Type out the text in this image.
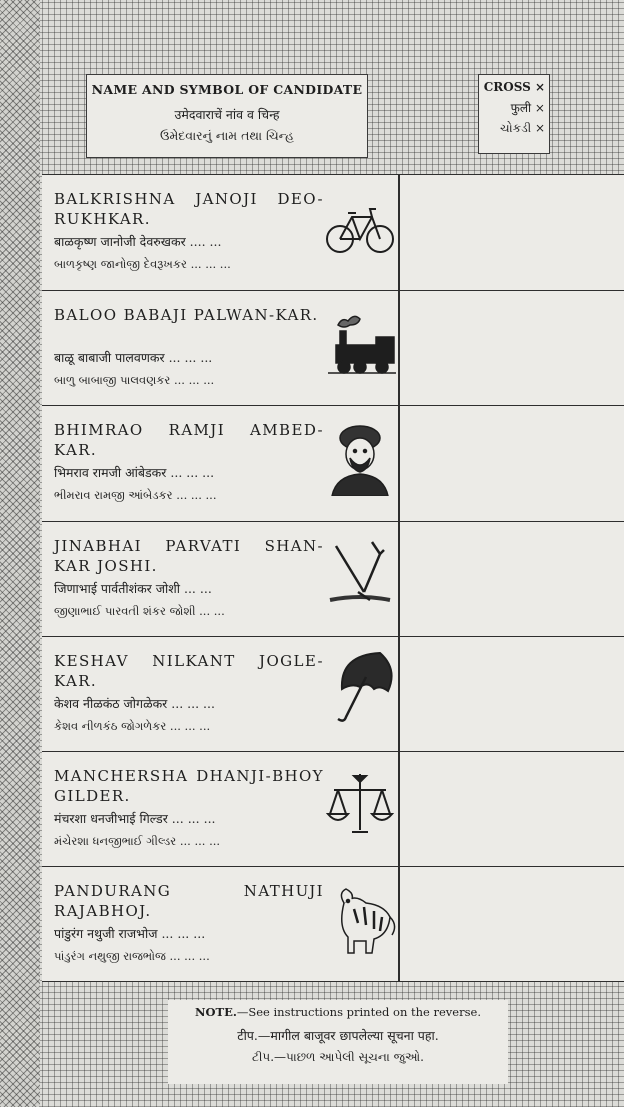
NAME AND SYMBOL OF CANDIDATE
उमेदवाराचें नांव व चिन्ह
ઉમેદવારનું નામ તથા ચિન્હ
CROSS ×
फुली ×
ચોકડી ×
BALKRISHNA JANOJI DEO-RUKHKAR.
बाळकृष्ण जानोजी देवरुखकर .... ...
બાળકૃષ્ણ જાનોજી દેવરૂખકર ... ... ...
BALOO BABAJI PALWAN-KAR.
बाळू बाबाजी पालवणकर ... ... ...
બાળુ બાબાજી પાલવણકર ... ... ...
BHIMRAO RAMJI AMBED-KAR.
भिमराव रामजी आंबेडकर ... ... ...
ભીમરાવ રામજી આંબેડકર ... ... ...
JINABHAI PARVATI SHAN-KAR JOSHI.
जिणाभाई पार्वतीशंकर जोशी ... ...
જીણાભાઈ પારવતી શંકર જોશી ... ...
KESHAV NILKANT JOGLE-KAR.
केशव नीळकंठ जोगळेकर ... ... ...
કેશવ નીળકંઠ જોગળેકર ... ... ...
MANCHERSHA DHANJI-BHOY GILDER.
मंचरशा धनजीभाई गिल्डर ... ... ...
મંચેરશા ધનજીભાઈ ગીલ્ડર ... ... ...
PANDURANG NATHUJI RAJABHOJ.
पांडुरंग नथुजी राजभोज ... ... ...
પાંડુરંગ નથુજી રાજભોજ ... ... ...
NOTE.—See instructions printed on the reverse.
टीप.—मागील बाजूवर छापलेल्या सूचना पहा.
ટીપ.—પાછળ આપેલી સૂચના જુઓ.
